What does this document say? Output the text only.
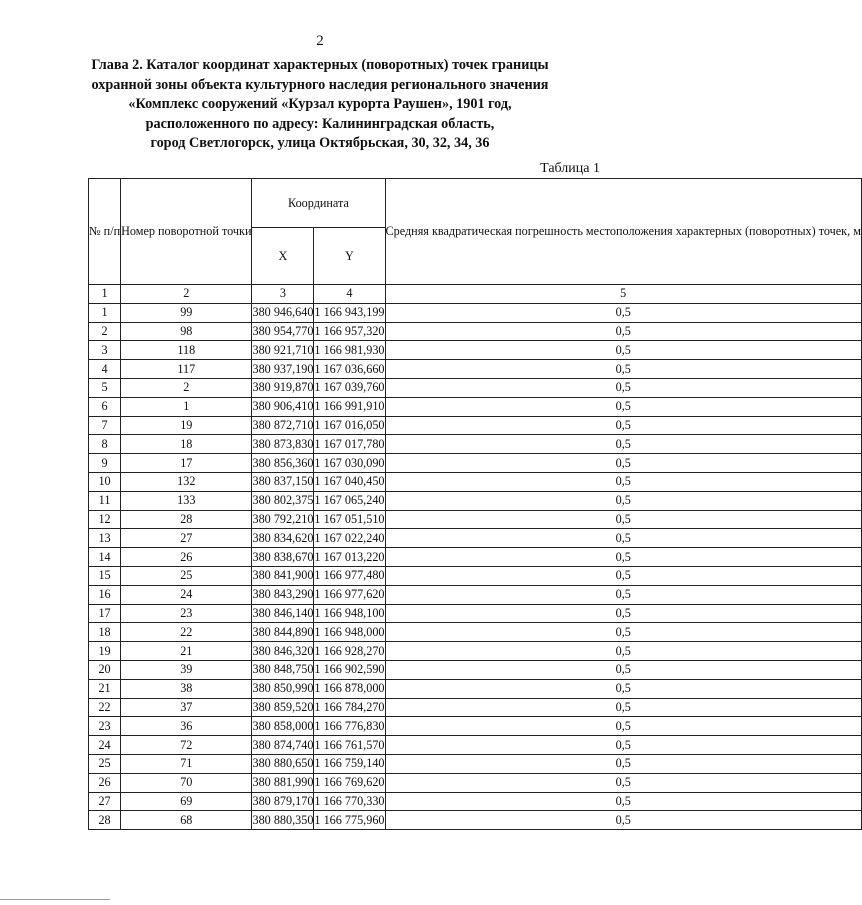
2
Глава 2. Каталог координат характерных (поворотных) точек границы
охранной зоны объекта культурного наследия регионального значения
«Комплекс сооружений «Курзал курорта Раушен», 1901 год,
расположенного по адресу: Калининградская область,
город Светлогорск, улица Октябрьская, 30, 32, 34, 36
Таблица 1
№ п/п	Номер поворотной точки	Координата		Средняя квадратическая погрешность местоположения характерных (поворотных) точек, м
		X	Y	
1	2	3	4	5
1	99	380 946,640	1 166 943,199	0,5
2	98	380 954,770	1 166 957,320	0,5
3	118	380 921,710	1 166 981,930	0,5
4	117	380 937,190	1 167 036,660	0,5
5	2	380 919,870	1 167 039,760	0,5
6	1	380 906,410	1 166 991,910	0,5
7	19	380 872,710	1 167 016,050	0,5
8	18	380 873,830	1 167 017,780	0,5
9	17	380 856,360	1 167 030,090	0,5
10	132	380 837,150	1 167 040,450	0,5
11	133	380 802,375	1 167 065,240	0,5
12	28	380 792,210	1 167 051,510	0,5
13	27	380 834,620	1 167 022,240	0,5
14	26	380 838,670	1 167 013,220	0,5
15	25	380 841,900	1 166 977,480	0,5
16	24	380 843,290	1 166 977,620	0,5
17	23	380 846,140	1 166 948,100	0,5
18	22	380 844,890	1 166 948,000	0,5
19	21	380 846,320	1 166 928,270	0,5
20	39	380 848,750	1 166 902,590	0,5
21	38	380 850,990	1 166 878,000	0,5
22	37	380 859,520	1 166 784,270	0,5
23	36	380 858,000	1 166 776,830	0,5
24	72	380 874,740	1 166 761,570	0,5
25	71	380 880,650	1 166 759,140	0,5
26	70	380 881,990	1 166 769,620	0,5
27	69	380 879,170	1 166 770,330	0,5
28	68	380 880,350	1 166 775,960	0,5
